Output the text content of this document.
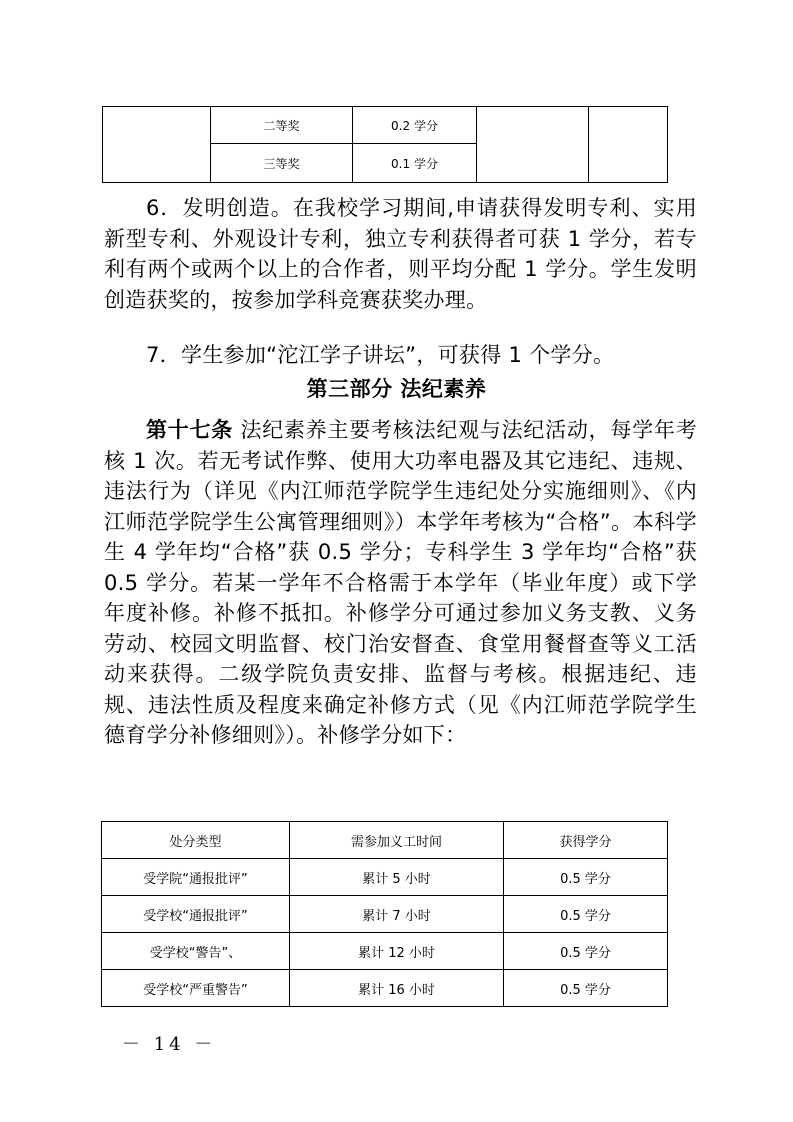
	二等奖	0.2 学分		
	三等奖	0.1 学分		

6．发明创造。在我校学习期间,申请获得发明专利、实用新型专利、外观设计专利，独立专利获得者可获 1 学分，若专利有两个或两个以上的合作者，则平均分配 1 学分。学生发明创造获奖的，按参加学科竞赛获奖办理。

7．学生参加“沱江学子讲坛”，可获得 1 个学分。

第三部分 法纪素养

第十七条 法纪素养主要考核法纪观与法纪活动，每学年考核 1 次。若无考试作弊、使用大功率电器及其它违纪、违规、违法行为（详见《内江师范学院学生违纪处分实施细则》、《内江师范学院学生公寓管理细则》）本学年考核为“合格”。本科学生 4 学年均“合格”获 0.5 学分；专科学生 3 学年均“合格”获 0.5 学分。若某一学年不合格需于本学年（毕业年度）或下学年度补修。补修不抵扣。补修学分可通过参加义务支教、义务劳动、校园文明监督、校门治安督查、食堂用餐督查等义工活动来获得。二级学院负责安排、监督与考核。根据违纪、违规、违法性质及程度来确定补修方式（见《内江师范学院学生德育学分补修细则》）。补修学分如下：

处分类型	需参加义工时间	获得学分
受学院“通报批评”	累计 5 小时	0.5 学分
受学校“通报批评”	累计 7 小时	0.5 学分
受学校“警告”、	累计 12 小时	0.5 学分
受学校“严重警告”	累计 16 小时	0.5 学分
－ 14 －
